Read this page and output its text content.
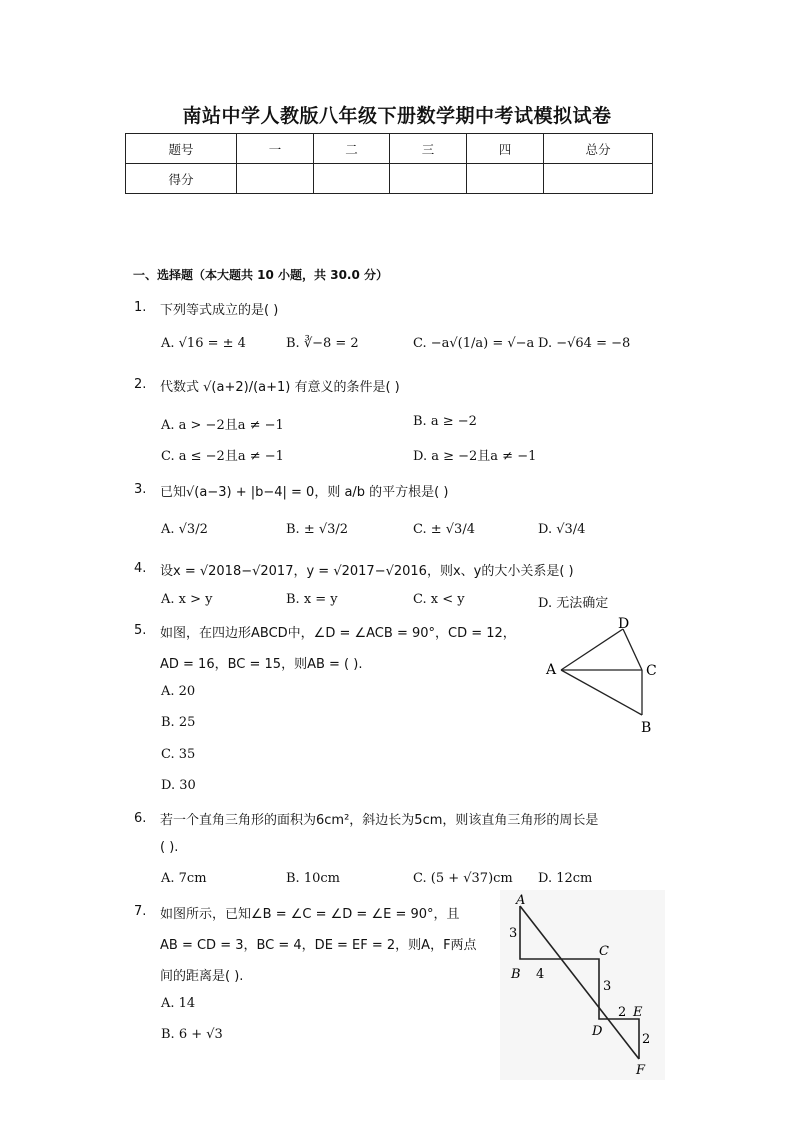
南站中学人教版八年级下册数学期中考试模拟试卷
题号	一	二	三	四	总分
得分					
一、选择题（本大题共 10 小题，共 30.0 分）
1. 下列等式成立的是( )
A. √16 = ± 4	B. ∛−8 = 2	C. −a√(1/a) = √−a D. −√64 = −8
2. 代数式 √(a+2)/(a+1) 有意义的条件是( )
A. a > −2且a ≠ −1	B. a ≥ −2
C. a ≤ −2且a ≠ −1	D. a ≥ −2且a ≠ −1
3. 已知√(a−3) + |b−4| = 0，则 a/b 的平方根是( )
A. √3/2	B. ± √3/2	C. ± √3/4	D. √3/4
4. 设x = √2018−√2017，y = √2017−√2016，则x、y的大小关系是( )
A. x > y	B. x = y	C. x < y	D. 无法确定
5. 如图，在四边形ABCD中，∠D = ∠ACB = 90°，CD = 12，
AD = 16，BC = 15，则AB = ( ).
A. 20
B. 25
C. 35
D. 30
D
A	C
B
6. 若一个直角三角形的面积为6cm²，斜边长为5cm，则该直角三角形的周长是
( ).
A. 7cm	B. 10cm	C. (5 + √37)cm D. 12cm
7. 如图所示，已知∠B = ∠C = ∠D = ∠E = 90°，且
AB = CD = 3，BC = 4，DE = EF = 2，则A，F两点
间的距离是( ).
A. 14
B. 6 + √3
A
3
B 4
C
3
2 E
D
2
F
